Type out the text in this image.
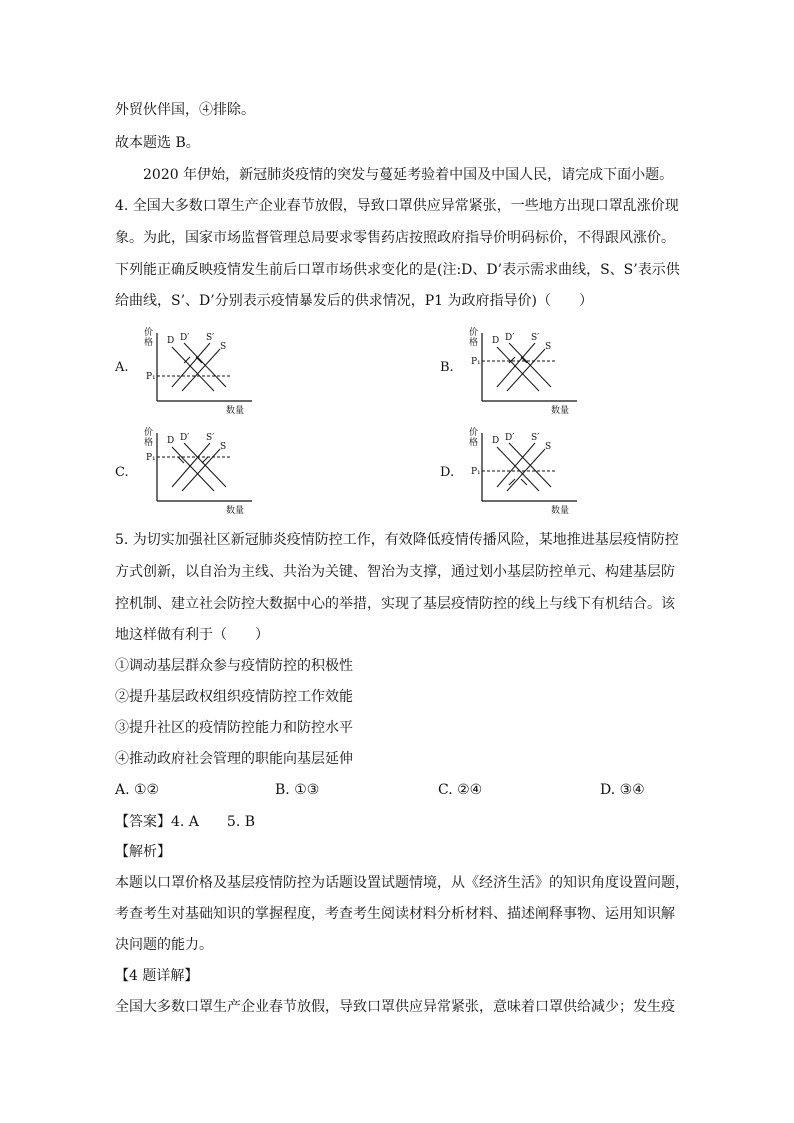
外贸伙伴国，④排除。
故本题选 B。
2020 年伊始，新冠肺炎疫情的突发与蔓延考验着中国及中国人民，请完成下面小题。
4. 全国大多数口罩生产企业春节放假，导致口罩供应异常紧张，一些地方出现口罩乱涨价现
象。为此，国家市场监督管理总局要求零售药店按照政府指导价明码标价，不得跟风涨价。
下列能正确反映疫情发生前后口罩市场供求变化的是(注:D、D’表示需求曲线，S、S’表示供
给曲线，S’、D’分别表示疫情暴发后的供求情况，P1 为政府指导价)（　　）
A.	B.
C.	D.
价
格
数量
P₁
D D′ S′
S
价
格
数量
P₁
D D′ S′
S
价
格
数量
P₁
D D′ S′
S
价
格
数量
P₁
D D′ S′
S
5. 为切实加强社区新冠肺炎疫情防控工作，有效降低疫情传播风险，某地推进基层疫情防控
方式创新，以自治为主线、共治为关键、智治为支撑，通过划小基层防控单元、构建基层防
控机制、建立社会防控大数据中心的举措，实现了基层疫情防控的线上与线下有机结合。该
地这样做有利于（　　）
①调动基层群众参与疫情防控的积极性
②提升基层政权组织疫情防控工作效能
③提升社区的疫情防控能力和防控水平
④推动政府社会管理的职能向基层延伸
A. ①②	B. ①③	C. ②④	D. ③④
【答案】4. A　　5. B
【解析】
本题以口罩价格及基层疫情防控为话题设置试题情境，从《经济生活》的知识角度设置问题，
考查考生对基础知识的掌握程度，考查考生阅读材料分析材料、描述阐释事物、运用知识解
决问题的能力。
【4 题详解】
全国大多数口罩生产企业春节放假，导致口罩供应异常紧张，意味着口罩供给减少；发生疫
